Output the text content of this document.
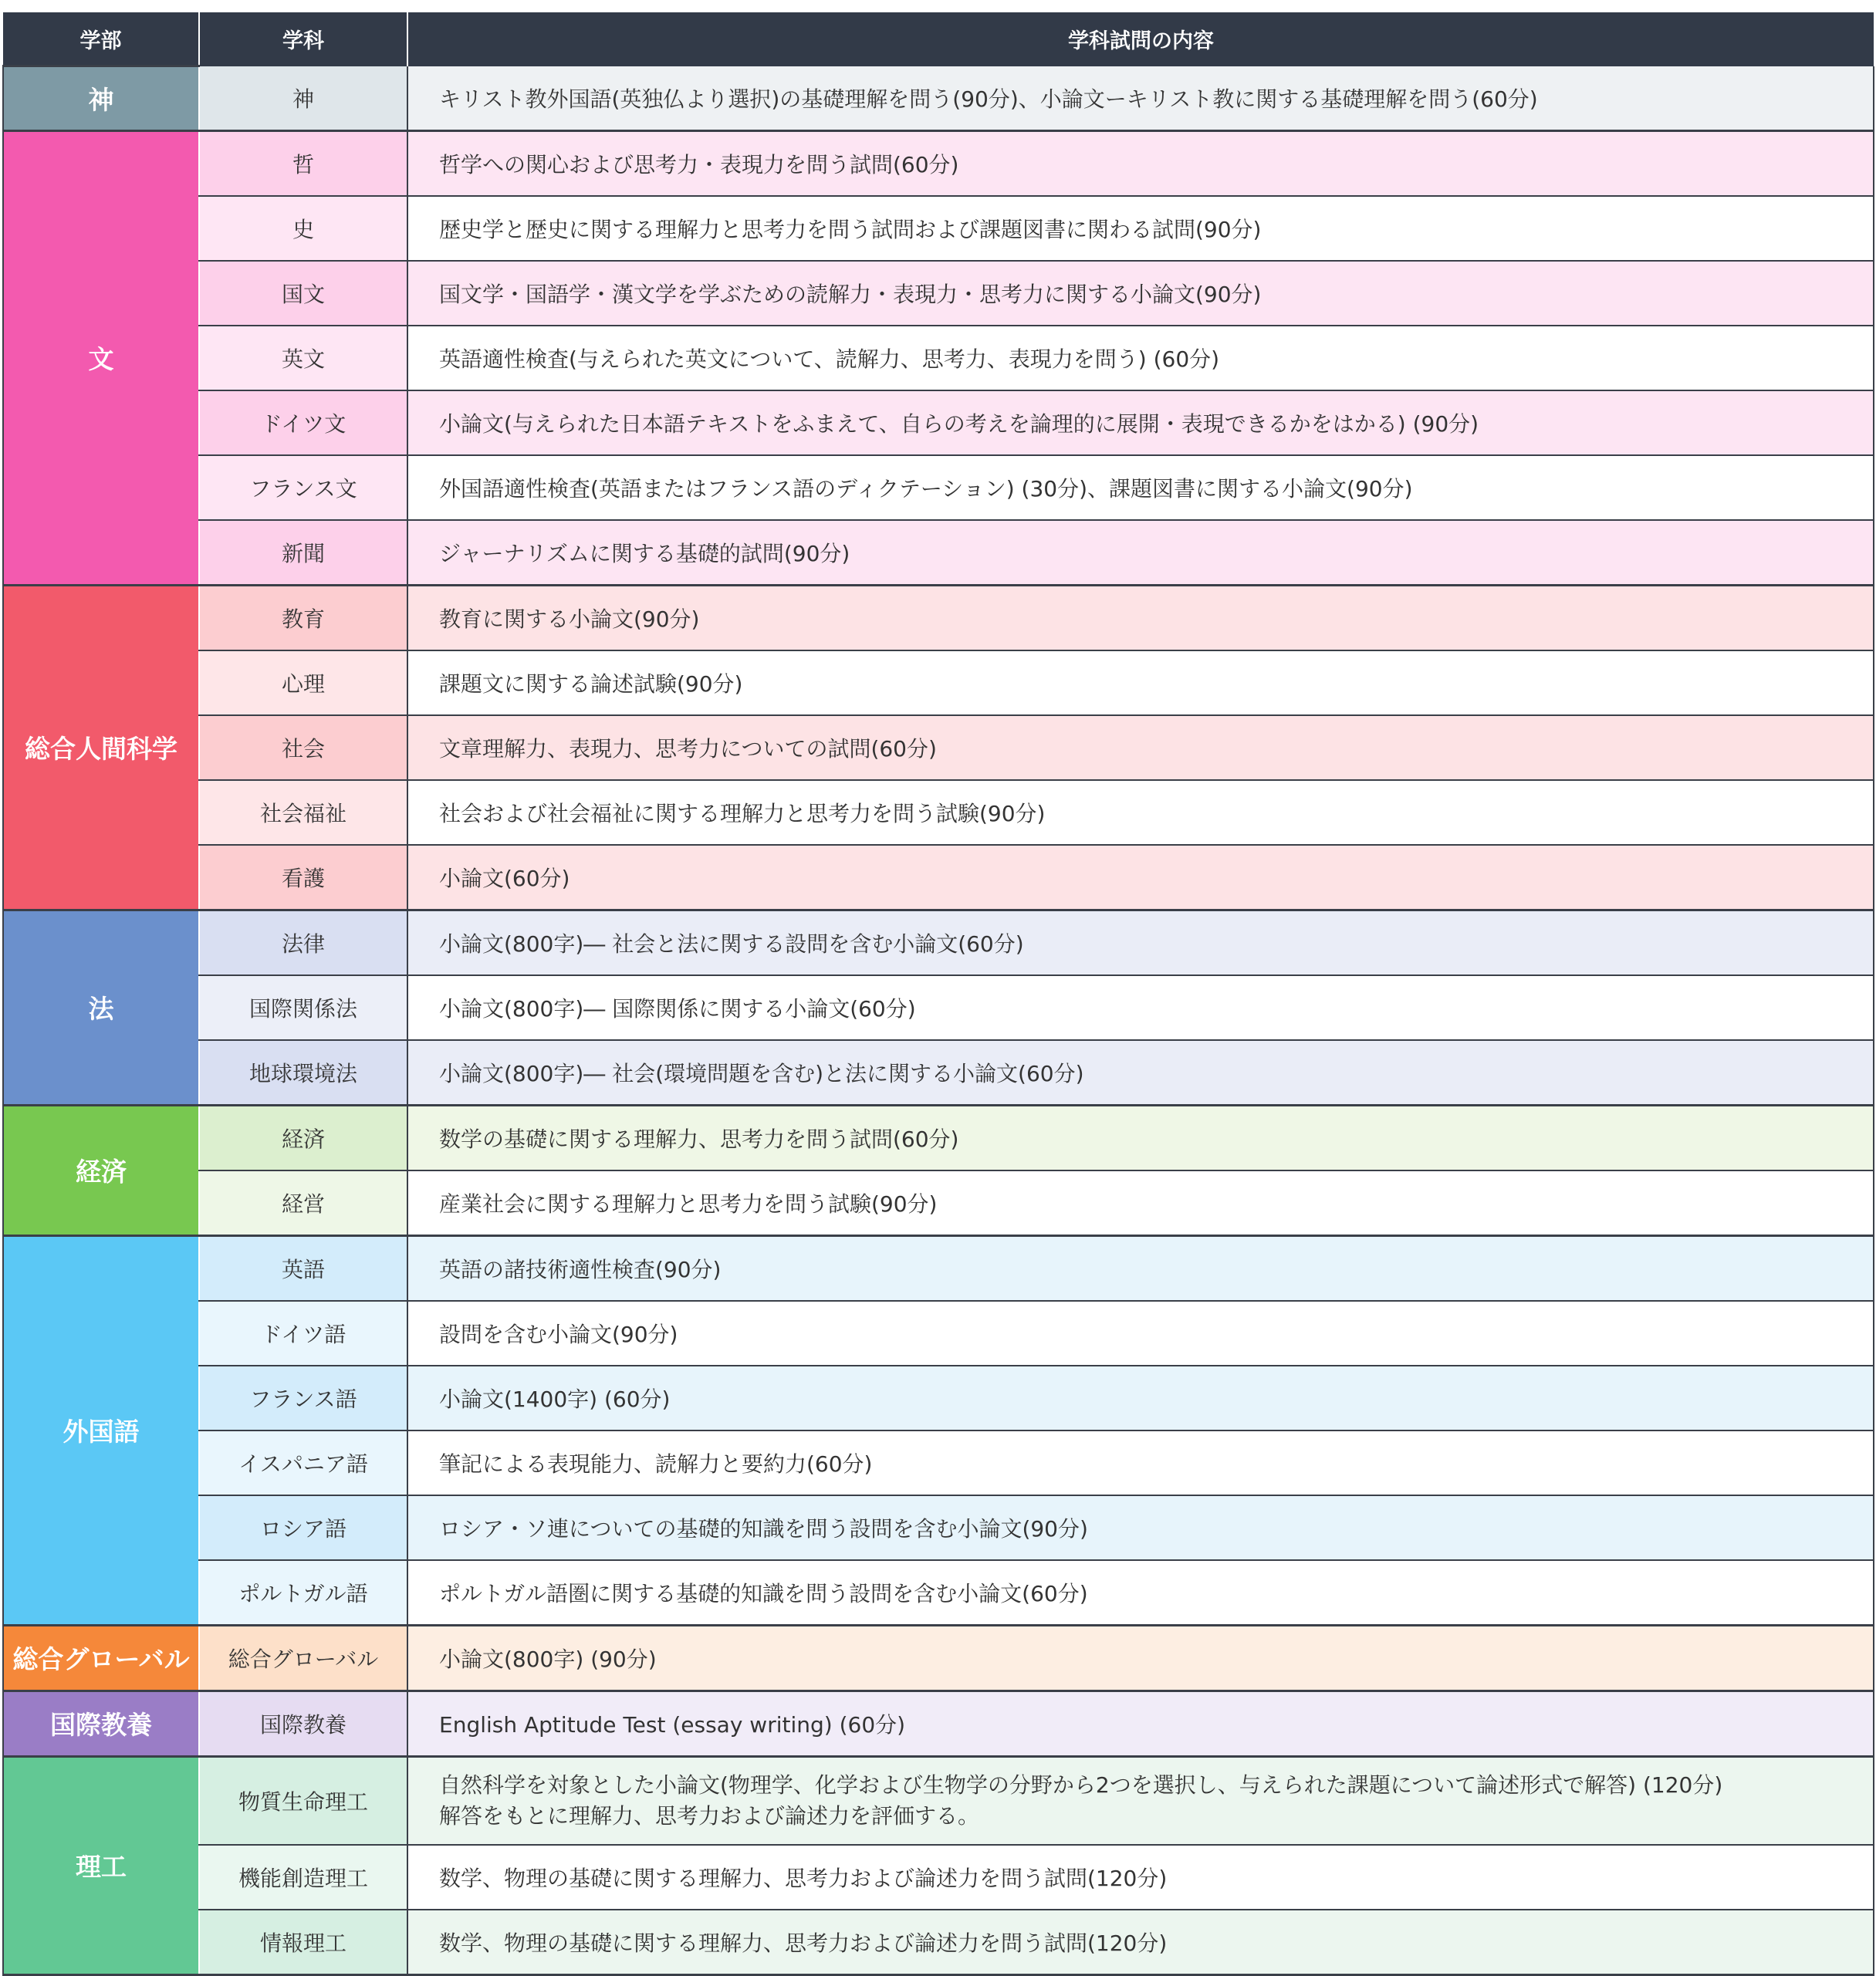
学部	学科	学科試問の内容
神	神	キリスト教外国語(英独仏より選択)の基礎理解を問う(90分)、小論文ーキリスト教に関する基礎理解を問う(60分)
文	哲	哲学への関心および思考力・表現力を問う試問(60分)
	史	歴史学と歴史に関する理解力と思考力を問う試問および課題図書に関わる試問(90分)
	国文	国文学・国語学・漢文学を学ぶための読解力・表現力・思考力に関する小論文(90分)
	英文	英語適性検査(与えられた英文について、読解力、思考力、表現力を問う) (60分)
	ドイツ文	小論文(与えられた日本語テキストをふまえて、自らの考えを論理的に展開・表現できるかをはかる) (90分)
	フランス文	外国語適性検査(英語またはフランス語のディクテーション) (30分)、課題図書に関する小論文(90分)
	新聞	ジャーナリズムに関する基礎的試問(90分)
総合人間科学	教育	教育に関する小論文(90分)
	心理	課題文に関する論述試験(90分)
	社会	文章理解力、表現力、思考力についての試問(60分)
	社会福祉	社会および社会福祉に関する理解力と思考力を問う試験(90分)
	看護	小論文(60分)
法	法律	小論文(800字)― 社会と法に関する設問を含む小論文(60分)
	国際関係法	小論文(800字)― 国際関係に関する小論文(60分)
	地球環境法	小論文(800字)― 社会(環境問題を含む)と法に関する小論文(60分)
経済	経済	数学の基礎に関する理解力、思考力を問う試問(60分)
	経営	産業社会に関する理解力と思考力を問う試験(90分)
外国語	英語	英語の諸技術適性検査(90分)
	ドイツ語	設問を含む小論文(90分)
	フランス語	小論文(1400字) (60分)
	イスパニア語	筆記による表現能力、読解力と要約力(60分)
	ロシア語	ロシア・ソ連についての基礎的知識を問う設問を含む小論文(90分)
	ポルトガル語	ポルトガル語圏に関する基礎的知識を問う設問を含む小論文(60分)
総合グローバル	総合グローバル	小論文(800字) (90分)
国際教養	国際教養	English Aptitude Test (essay writing) (60分)
理工	物質生命理工	自然科学を対象とした小論文(物理学、化学および生物学の分野から2つを選択し、与えられた課題について論述形式で解答) (120分)
解答をもとに理解力、思考力および論述力を評価する。

	機能創造理工	数学、物理の基礎に関する理解力、思考力および論述力を問う試問(120分)
	情報理工	数学、物理の基礎に関する理解力、思考力および論述力を問う試問(120分)
